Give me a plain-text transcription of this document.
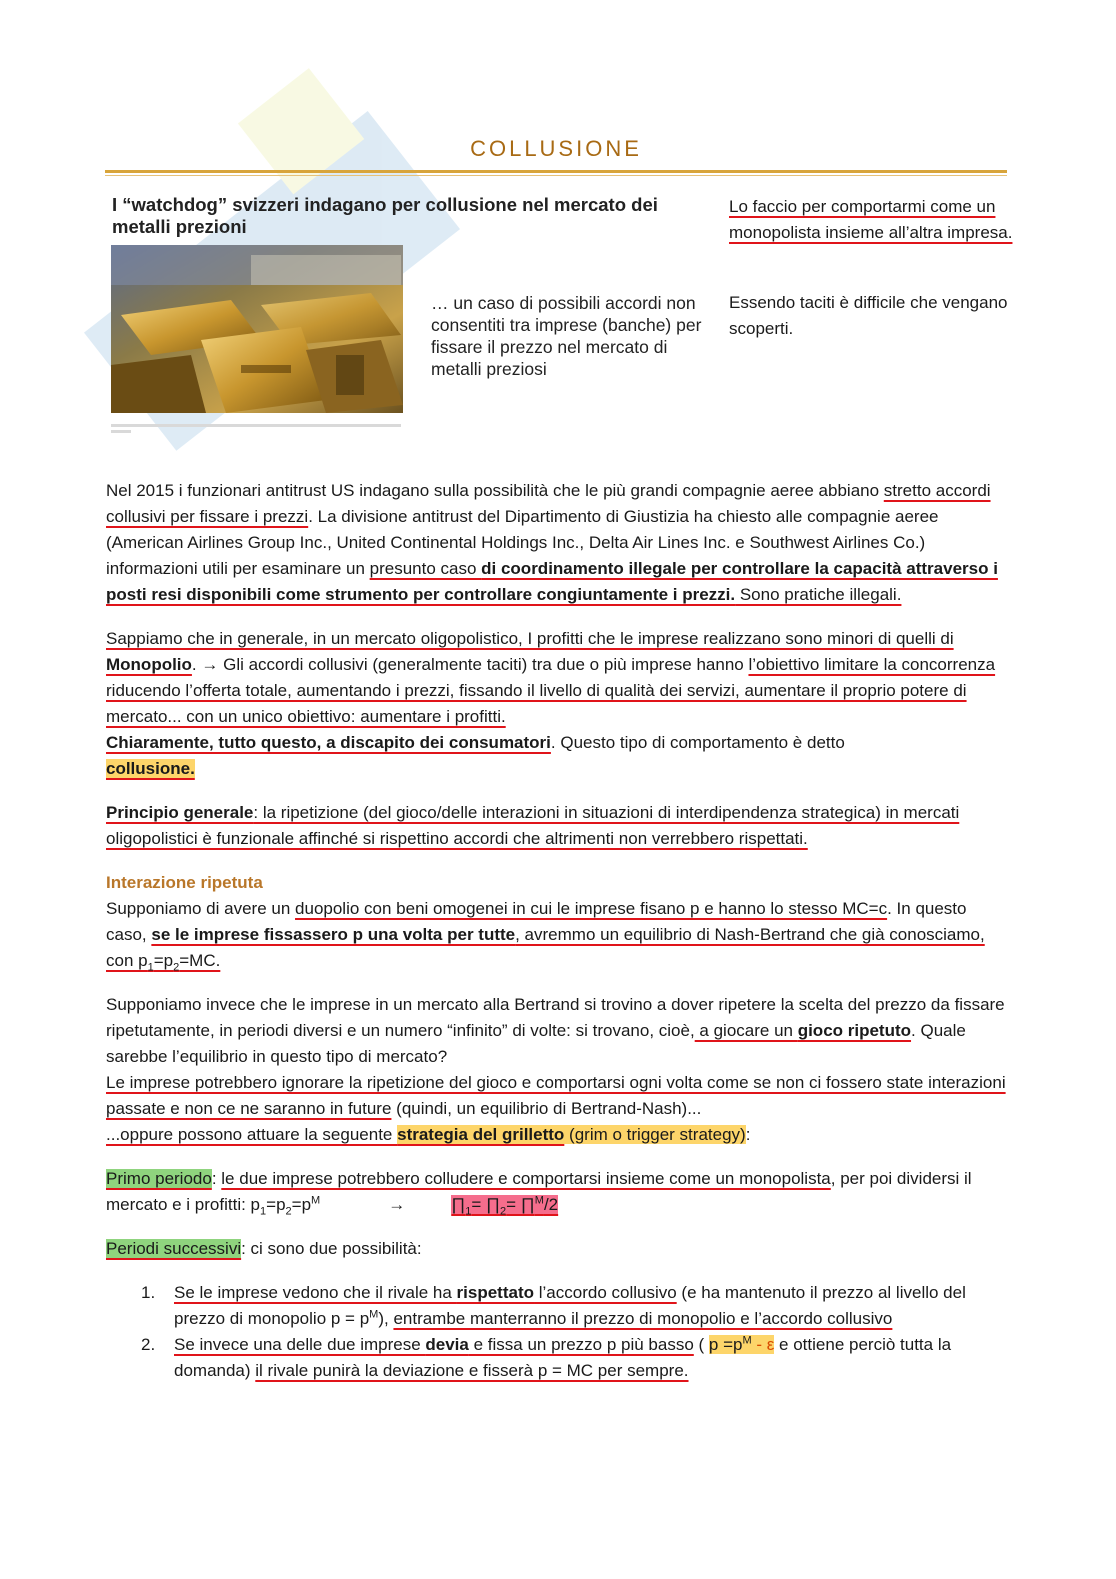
COLLUSIONE
I “watchdog” svizzeri indagano per collusione nel mercato dei metalli prezioni
… un caso di possibili accordi non consentiti tra imprese (banche) per fissare il prezzo nel mercato di metalli preziosi

Lo faccio per comportarmi come un monopolista insieme all’altra impresa.

Essendo taciti è difficile che vengano scoperti.

Nel 2015 i funzionari antitrust US indagano sulla possibilità che le più grandi compagnie aeree abbiano stretto accordi collusivi per fissare i prezzi. La divisione antitrust del Dipartimento di Giustizia ha chiesto alle compagnie aeree (American Airlines Group Inc., United Continental Holdings Inc., Delta Air Lines Inc. e Southwest Airlines Co.) informazioni utili per esaminare un presunto caso di coordinamento illegale per controllare la capacità attraverso i posti resi disponibili come strumento per controllare congiuntamente i prezzi. Sono pratiche illegali.

Sappiamo che in generale, in un mercato oligopolistico, I profitti che le imprese realizzano sono minori di quelli di Monopolio. → Gli accordi collusivi (generalmente taciti) tra due o più imprese hanno l’obiettivo limitare la concorrenza riducendo l’offerta totale, aumentando i prezzi, fissando il livello di qualità dei servizi, aumentare il proprio potere di mercato... con un unico obiettivo: aumentare i profitti.
Chiaramente, tutto questo, a discapito dei consumatori. Questo tipo di comportamento è detto
collusione.

Principio generale: la ripetizione (del gioco/delle interazioni in situazioni di interdipendenza strategica) in mercati oligopolistici è funzionale affinché si rispettino accordi che altrimenti non verrebbero rispettati.

Interazione ripetuta

Supponiamo di avere un duopolio con beni omogenei in cui le imprese fisano p e hanno lo stesso MC=c. In questo caso, se le imprese fissassero p una volta per tutte, avremmo un equilibrio di Nash-Bertrand che già conosciamo, con $p_1=p_2=MC$.

Supponiamo invece che le imprese in un mercato alla Bertrand si trovino a dover ripetere la scelta del prezzo da fissare ripetutamente, in periodi diversi e un numero “infinito” di volte: si trovano, cioè, a giocare un gioco ripetuto. Quale sarebbe l’equilibrio in questo tipo di mercato?
Le imprese potrebbero ignorare la ripetizione del gioco e comportarsi ogni volta come se non ci fossero state interazioni passate e non ce ne saranno in future (quindi, un equilibrio di Bertrand-Nash)...
...oppure possono attuare la seguente strategia del grilletto (grim o trigger strategy):

Primo periodo: le due imprese potrebbero colludere e comportarsi insieme come un monopolista, per poi dividersi il mercato e i profitti: $p_1=p_2=p^M$	→	$\prod_1=$ $\prod_2=$ ∏$^M$/2

Periodi successivi: ci sono due possibilità:

1. Se le imprese vedono che il rivale ha rispettato l’accordo collusivo (e ha mantenuto il prezzo al livello del prezzo di monopolio $p = p^M$), entrambe manterranno il prezzo di monopolio e l’accordo collusivo
2. Se invece una delle due imprese devia e fissa un prezzo p più basso ( $p =p^M - \varepsilon$ e ottiene perciò tutta la domanda) il rivale punirà la deviazione e fisserà p = MC per sempre.
